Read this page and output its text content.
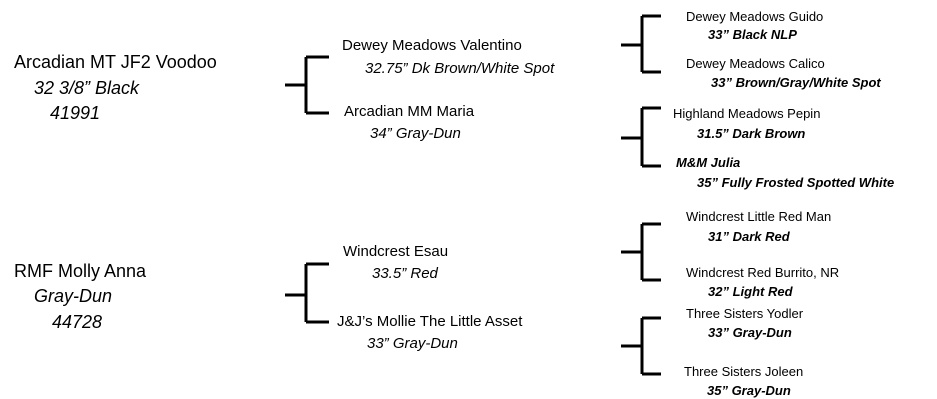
Arcadian MT JF2 Voodoo
32 3/8” Black
41991
RMF Molly Anna
Gray-Dun
44728
Dewey Meadows Valentino
32.75” Dk Brown/White Spot
Arcadian MM Maria
34” Gray-Dun
Windcrest Esau
33.5” Red
J&J’s Mollie The Little Asset
33” Gray-Dun
Dewey Meadows Guido
33” Black NLP
Dewey Meadows Calico
33” Brown/Gray/White Spot
Highland Meadows Pepin
31.5” Dark Brown
M&M Julia
35” Fully Frosted Spotted White
Windcrest Little Red Man
31” Dark Red
Windcrest Red Burrito, NR
32” Light Red
Three Sisters Yodler
33” Gray-Dun
Three Sisters Joleen
35” Gray-Dun
